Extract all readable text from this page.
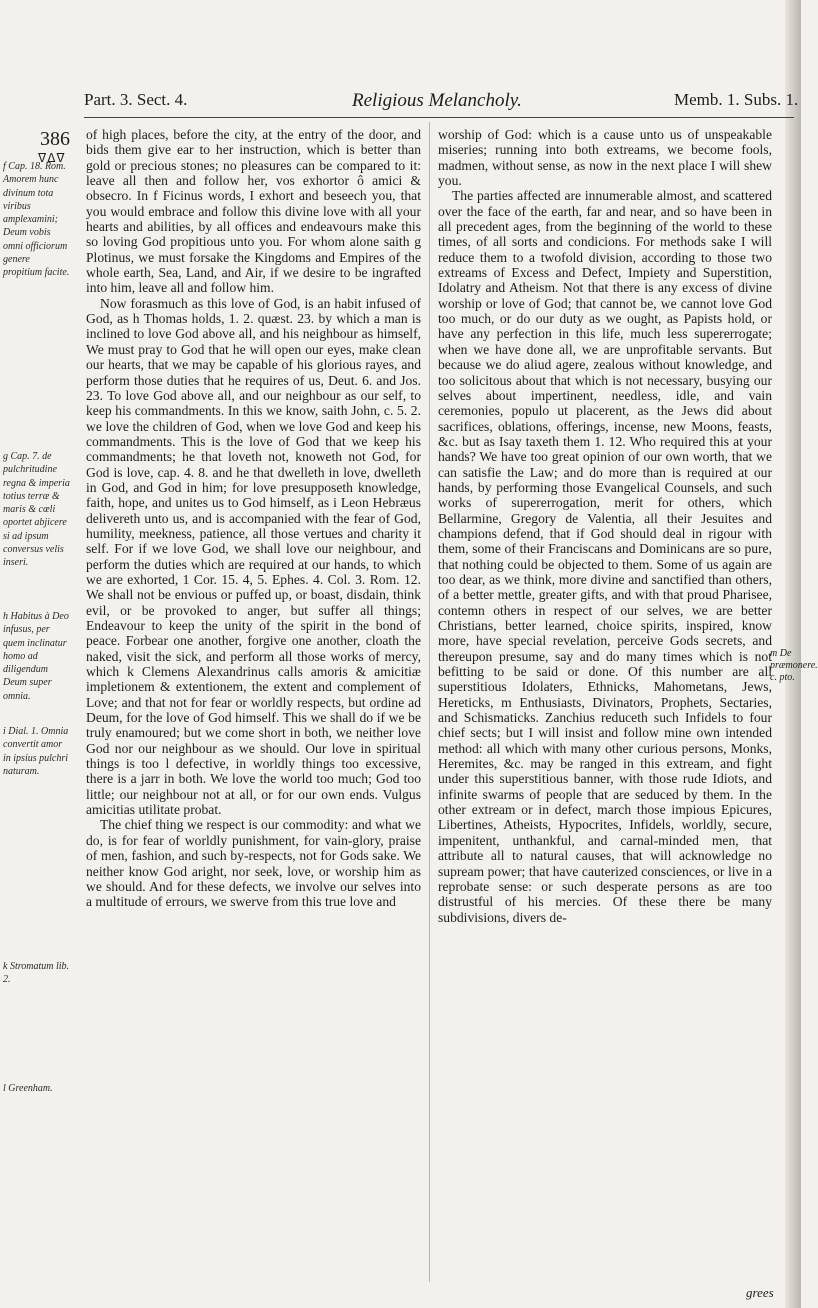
Part. 3. Sect. 4.	Religious Melancholy.	Memb. 1. Subs. 1.
386
ᐁ ᐃ ᐁ

f Cap. 18. Rom. Amorem hunc divinum tota viribus amplexamini; Deum vobis omni officiorum genere propitium facite.

g Cap. 7. de pulchritudine regna & imperia totius terræ & maris & cœli oportet abjicere si ad ipsum conversus velis inseri.

h Habitus à Deo infusus, per quem inclinatur homo ad diligendum Deum super omnia.

i Dial. 1. Omnia convertit amor in ipsius pulchri naturam.

k Stromatum lib. 2.

l Greenham.

of high places, before the city, at the entry of the door, and bids them give ear to her instruction, which is better than gold or precious stones; no pleasures can be compared to it: leave all then and follow her, vos exhortor ô amici & obsecro. In f Ficinus words, I exhort and beseech you, that you would embrace and follow this divine love with all your hearts and abilities, by all offices and endeavours make this so loving God propitious unto you. For whom alone saith g Plotinus, we must forsake the Kingdoms and Empires of the whole earth, Sea, Land, and Air, if we desire to be ingrafted into him, leave all and follow him.

Now forasmuch as this love of God, is an habit infused of God, as h Thomas holds, 1. 2. quæst. 23. by which a man is inclined to love God above all, and his neighbour as himself, We must pray to God that he will open our eyes, make clean our hearts, that we may be capable of his glorious rayes, and perform those duties that he requires of us, Deut. 6. and Jos. 23. To love God above all, and our neighbour as our self, to keep his commandments. In this we know, saith John, c. 5. 2. we love the children of God, when we love God and keep his commandments. This is the love of God that we keep his commandments; he that loveth not, knoweth not God, for God is love, cap. 4. 8. and he that dwelleth in love, dwelleth in God, and God in him; for love presupposeth knowledge, faith, hope, and unites us to God himself, as i Leon Hebræus delivereth unto us, and is accompanied with the fear of God, humility, meekness, patience, all those vertues and charity it self. For if we love God, we shall love our neighbour, and perform the duties which are required at our hands, to which we are exhorted, 1 Cor. 15. 4, 5. Ephes. 4. Col. 3. Rom. 12. We shall not be envious or puffed up, or boast, disdain, think evil, or be provoked to anger, but suffer all things; Endeavour to keep the unity of the spirit in the bond of peace. Forbear one another, forgive one another, cloath the naked, visit the sick, and perform all those works of mercy, which k Clemens Alexandrinus calls amoris & amicitiæ impletionem & extentionem, the extent and complement of Love; and that not for fear or worldly respects, but ordine ad Deum, for the love of God himself. This we shall do if we be truly enamoured; but we come short in both, we neither love God nor our neighbour as we should. Our love in spiritual things is too l defective, in worldly things too excessive, there is a jarr in both. We love the world too much; God too little; our neighbour not at all, or for our own ends. Vulgus amicitias utilitate probat.

The chief thing we respect is our commodity: and what we do, is for fear of worldly punishment, for vain-glory, praise of men, fashion, and such by-respects, not for Gods sake. We neither know God aright, nor seek, love, or worship him as we should. And for these defects, we involve our selves into a multitude of errours, we swerve from this true love and

worship of God: which is a cause unto us of unspeakable miseries; running into both extreams, we become fools, madmen, without sense, as now in the next place I will shew you.

The parties affected are innumerable almost, and scattered over the face of the earth, far and near, and so have been in all precedent ages, from the beginning of the world to these times, of all sorts and condicions. For methods sake I will reduce them to a twofold division, according to those two extreams of Excess and Defect, Impiety and Superstition, Idolatry and Atheism. Not that there is any excess of divine worship or love of God; that cannot be, we cannot love God too much, or do our duty as we ought, as Papists hold, or have any perfection in this life, much less supererrogate; when we have done all, we are unprofitable servants. But because we do aliud agere, zealous without knowledge, and too solicitous about that which is not necessary, busying our selves about impertinent, needless, idle, and vain ceremonies, populo ut placerent, as the Jews did about sacrifices, oblations, offerings, incense, new Moons, feasts, &c. but as Isay taxeth them 1. 12. Who required this at your hands? We have too great opinion of our own worth, that we can satisfie the Law; and do more than is required at our hands, by performing those Evangelical Counsels, and such works of supererrogation, merit for others, which Bellarmine, Gregory de Valentia, all their Jesuites and champions defend, that if God should deal in rigour with them, some of their Franciscans and Dominicans are so pure, that nothing could be objected to them. Some of us again are too dear, as we think, more divine and sanctified than others, of a better mettle, greater gifts, and with that proud Pharisee, contemn others in respect of our selves, we are better Christians, better learned, choice spirits, inspired, know more, have special revelation, perceive Gods secrets, and thereupon presume, say and do many times which is not befitting to be said or done. Of this number are all superstitious Idolaters, Ethnicks, Mahometans, Jews, Hereticks, m Enthusiasts, Divinators, Prophets, Sectaries, and Schismaticks. Zanchius reduceth such Infidels to four chief sects; but I will insist and follow mine own intended method: all which with many other curious persons, Monks, Heremites, &c. may be ranged in this extream, and fight under this superstitious banner, with those rude Idiots, and infinite swarms of people that are seduced by them. In the other extream or in defect, march those impious Epicures, Libertines, Atheists, Hypocrites, Infidels, worldly, secure, impenitent, unthankful, and carnal-minded men, that attribute all to natural causes, that will acknowledge no supream power; that have cauterized consciences, or live in a reprobate sense: or such desperate persons as are too distrustful of his mercies. Of these there be many subdivisions, divers de-

m De præmonere. c. pto.
grees
